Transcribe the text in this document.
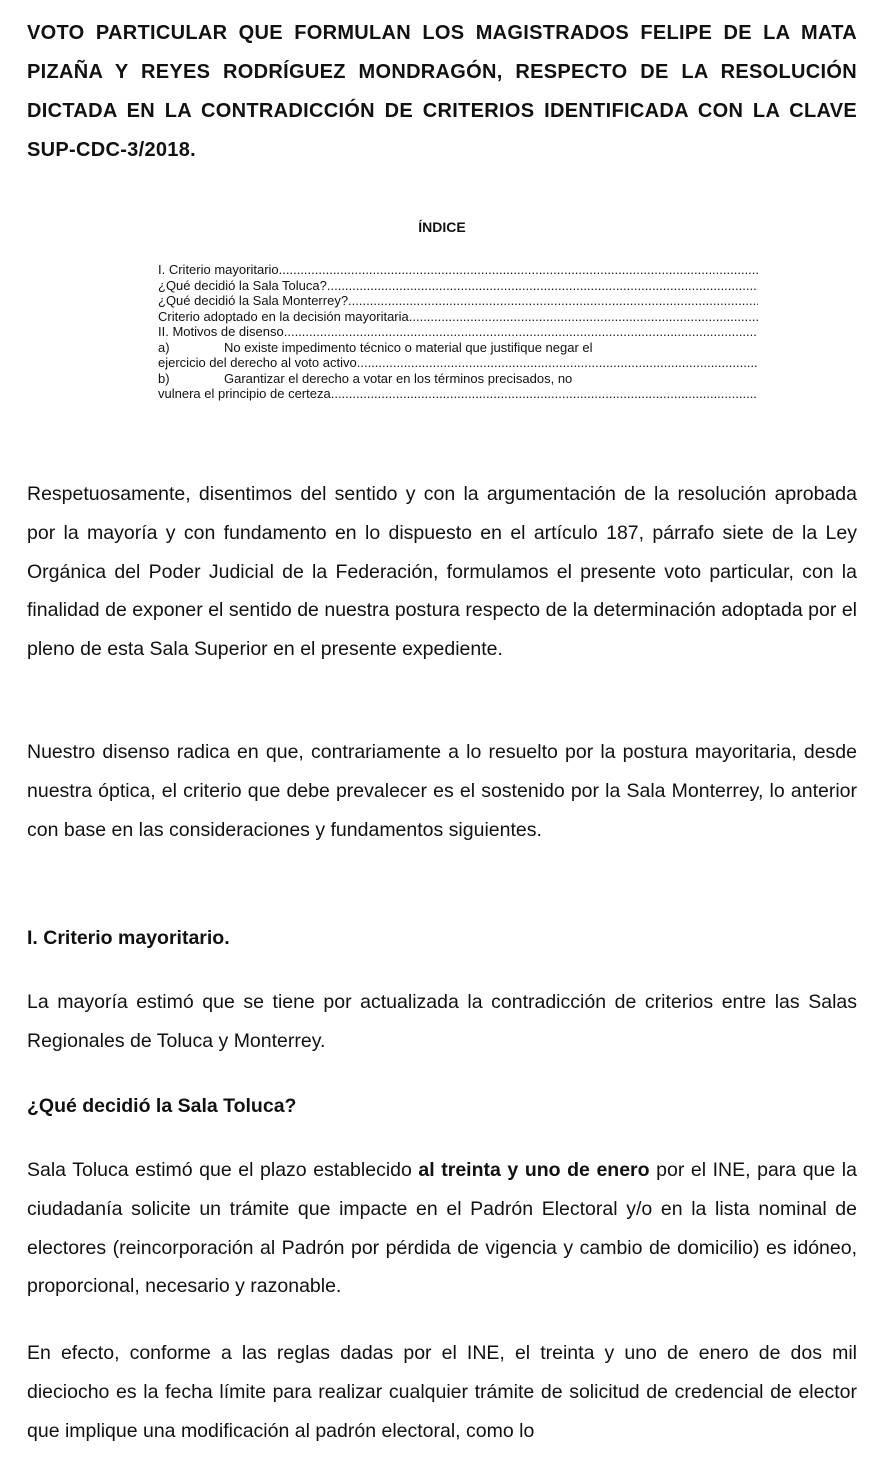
VOTO PARTICULAR QUE FORMULAN LOS MAGISTRADOS FELIPE DE LA MATA PIZAÑA Y REYES RODRÍGUEZ MONDRAGÓN, RESPECTO DE LA RESOLUCIÓN DICTADA EN LA CONTRADICCIÓN DE CRITERIOS IDENTIFICADA CON LA CLAVE SUP-CDC-3/2018.
ÍNDICE
I. Criterio mayoritario
.....
¿Qué decidió la Sala Toluca?
.....
¿Qué decidió la Sala Monterrey?
.....
Criterio adoptado en la decisión mayoritaria
.....
II. Motivos de disenso
.....
a)	No existe impedimento técnico o material que justifique negar el
ejercicio del derecho al voto activo
.....
b)	Garantizar el derecho a votar en los términos precisados, no
vulnera el principio de certeza
.....

Respetuosamente, disentimos del sentido y con la argumentación de la resolución aprobada por la mayoría y con fundamento en lo dispuesto en el artículo 187, párrafo siete de la Ley Orgánica del Poder Judicial de la Federación, formulamos el presente voto particular, con la finalidad de exponer el sentido de nuestra postura respecto de la determinación adoptada por el pleno de esta Sala Superior en el presente expediente.

Nuestro disenso radica en que, contrariamente a lo resuelto por la postura mayoritaria, desde nuestra óptica, el criterio que debe prevalecer es el sostenido por la Sala Monterrey, lo anterior con base en las consideraciones y fundamentos siguientes.

I. Criterio mayoritario.

La mayoría estimó que se tiene por actualizada la contradicción de criterios entre las Salas Regionales de Toluca y Monterrey.

¿Qué decidió la Sala Toluca?

Sala Toluca estimó que el plazo establecido al treinta y uno de enero por el INE, para que la ciudadanía solicite un trámite que impacte en el Padrón Electoral y/o en la lista nominal de electores (reincorporación al Padrón por pérdida de vigencia y cambio de domicilio) es idóneo, proporcional, necesario y razonable.

En efecto, conforme a las reglas dadas por el INE, el treinta y uno de enero de dos mil dieciocho es la fecha límite para realizar cualquier trámite de solicitud de credencial de elector que implique una modificación al padrón electoral, como lo
